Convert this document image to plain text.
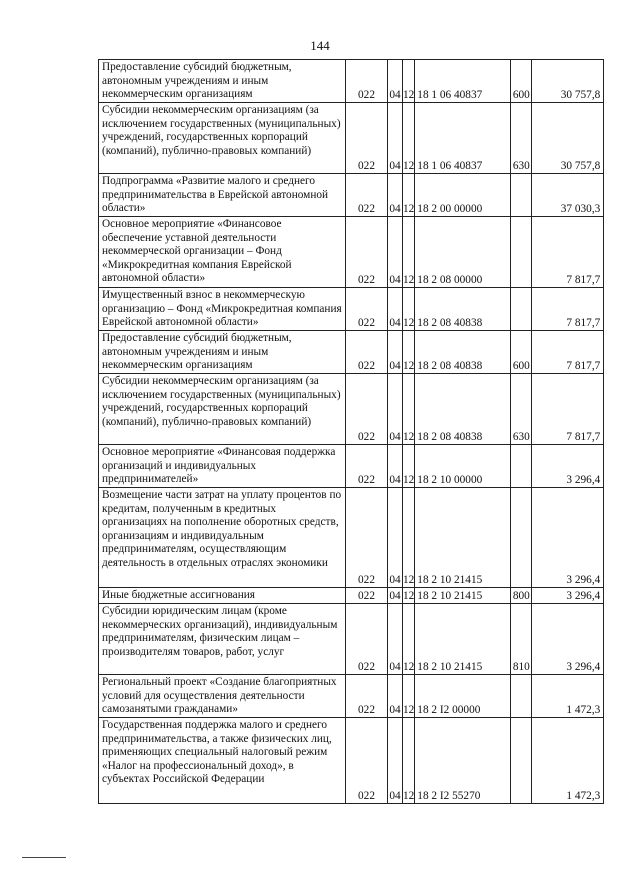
144
Предоставление субсидий бюджетным, автономным учреждениям и иным некоммерческим организациям	022	04	12	18 1 06 40837	600	30 757,8
Субсидии некоммерческим организациям (за исключением государственных (муниципальных) учреждений, государственных корпораций (компаний), публично-правовых компаний)	022	04	12	18 1 06 40837	630	30 757,8
Подпрограмма «Развитие малого и среднего предпринимательства в Еврейской автономной области»	022	04	12	18 2 00 00000		37 030,3
Основное мероприятие «Финансовое обеспечение уставной деятельности некоммерческой организации – Фонд «Микрокредитная компания Еврейской автономной области»	022	04	12	18 2 08 00000		7 817,7
Имущественный взнос в некоммерческую организацию – Фонд «Микрокредитная компания Еврейской автономной области»	022	04	12	18 2 08 40838		7 817,7
Предоставление субсидий бюджетным, автономным учреждениям и иным некоммерческим организациям	022	04	12	18 2 08 40838	600	7 817,7
Субсидии некоммерческим организациям (за исключением государственных (муниципальных) учреждений, государственных корпораций (компаний), публично-правовых компаний)	022	04	12	18 2 08 40838	630	7 817,7
Основное мероприятие «Финансовая поддержка организаций и индивидуальных предпринимателей»	022	04	12	18 2 10 00000		3 296,4
Возмещение части затрат на уплату процентов по кредитам, полученным в кредитных организациях на пополнение оборотных средств, организациям и индивидуальным предпринимателям, осуществляющим деятельность в отдельных отраслях экономики	022	04	12	18 2 10 21415		3 296,4
Иные бюджетные ассигнования	022	04	12	18 2 10 21415	800	3 296,4
Субсидии юридическим лицам (кроме некоммерческих организаций), индивидуальным предпринимателям, физическим лицам – производителям товаров, работ, услуг	022	04	12	18 2 10 21415	810	3 296,4
Региональный проект «Создание благоприятных условий для осуществления деятельности самозанятыми гражданами»	022	04	12	18 2 I2 00000		1 472,3
Государственная поддержка малого и среднего предпринимательства, а также физических лиц, применяющих специальный налоговый режим «Налог на профессиональный доход», в субъектах Российской Федерации	022	04	12	18 2 I2 55270		1 472,3
